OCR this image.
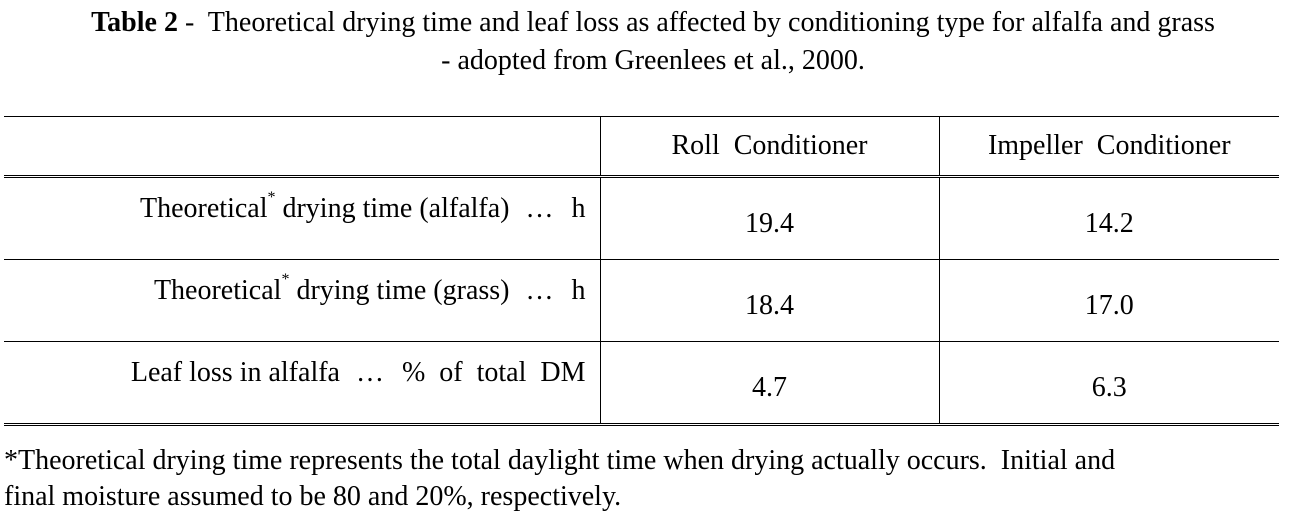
Table 2 -  Theoretical drying time and leaf loss as affected by conditioning type for alfalfa and grass
- adopted from Greenlees et al., 2000.
	Roll  Conditioner	Impeller  Conditioner
Theoretical* drying time (alfalfa) … h	19.4	14.2
Theoretical* drying time (grass) … h	18.4	17.0
Leaf loss in alfalfa … %  of  total  DM	4.7	6.3
*Theoretical drying time represents the total daylight time when drying actually occurs.  Initial and
final moisture assumed to be 80 and 20%, respectively.
